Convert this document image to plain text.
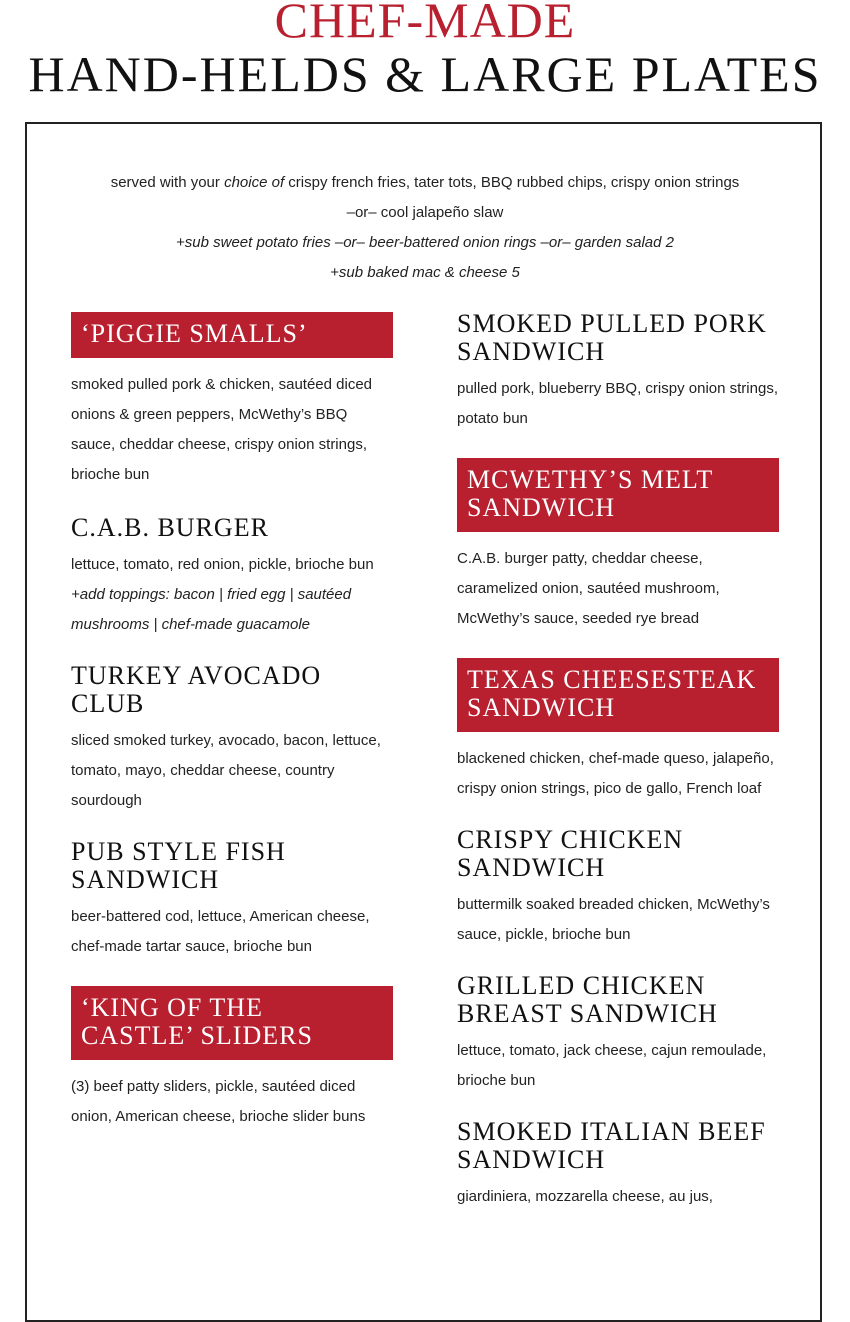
CHEF-MADE
HAND-HELDS & LARGE PLATES
served with your choice of crispy french fries, tater tots, BBQ rubbed chips, crispy onion strings
–or– cool jalapeño slaw
+sub sweet potato fries –or– beer-battered onion rings –or– garden salad 2
+sub baked mac & cheese 5
‘PIGGIE SMALLS’

smoked pulled pork & chicken, sautéed diced onions & green peppers, McWethy’s BBQ sauce, cheddar cheese, crispy onion strings, brioche bun

C.A.B. BURGER

lettuce, tomato, red onion, pickle, brioche bun

+add toppings: bacon | fried egg | sautéed mushrooms | chef-made guacamole

TURKEY AVOCADO CLUB

sliced smoked turkey, avocado, bacon, lettuce, tomato, mayo, cheddar cheese, country sourdough

PUB STYLE FISH SANDWICH

beer-battered cod, lettuce, American cheese, chef-made tartar sauce, brioche bun

‘KING OF THE CASTLE’ SLIDERS

(3) beef patty sliders, pickle, sautéed diced onion, American cheese, brioche slider buns

SMOKED PULLED PORK SANDWICH

pulled pork, blueberry BBQ, crispy onion strings, potato bun

MCWETHY’S MELT SANDWICH

C.A.B. burger patty, cheddar cheese, caramelized onion, sautéed mushroom, McWethy’s sauce, seeded rye bread

TEXAS CHEESESTEAK SANDWICH

blackened chicken, chef-made queso, jalapeño, crispy onion strings, pico de gallo, French loaf

CRISPY CHICKEN SANDWICH

buttermilk soaked breaded chicken, McWethy’s sauce, pickle, brioche bun

GRILLED CHICKEN BREAST SANDWICH

lettuce, tomato, jack cheese, cajun remoulade, brioche bun

SMOKED ITALIAN BEEF SANDWICH

giardiniera, mozzarella cheese, au jus,
